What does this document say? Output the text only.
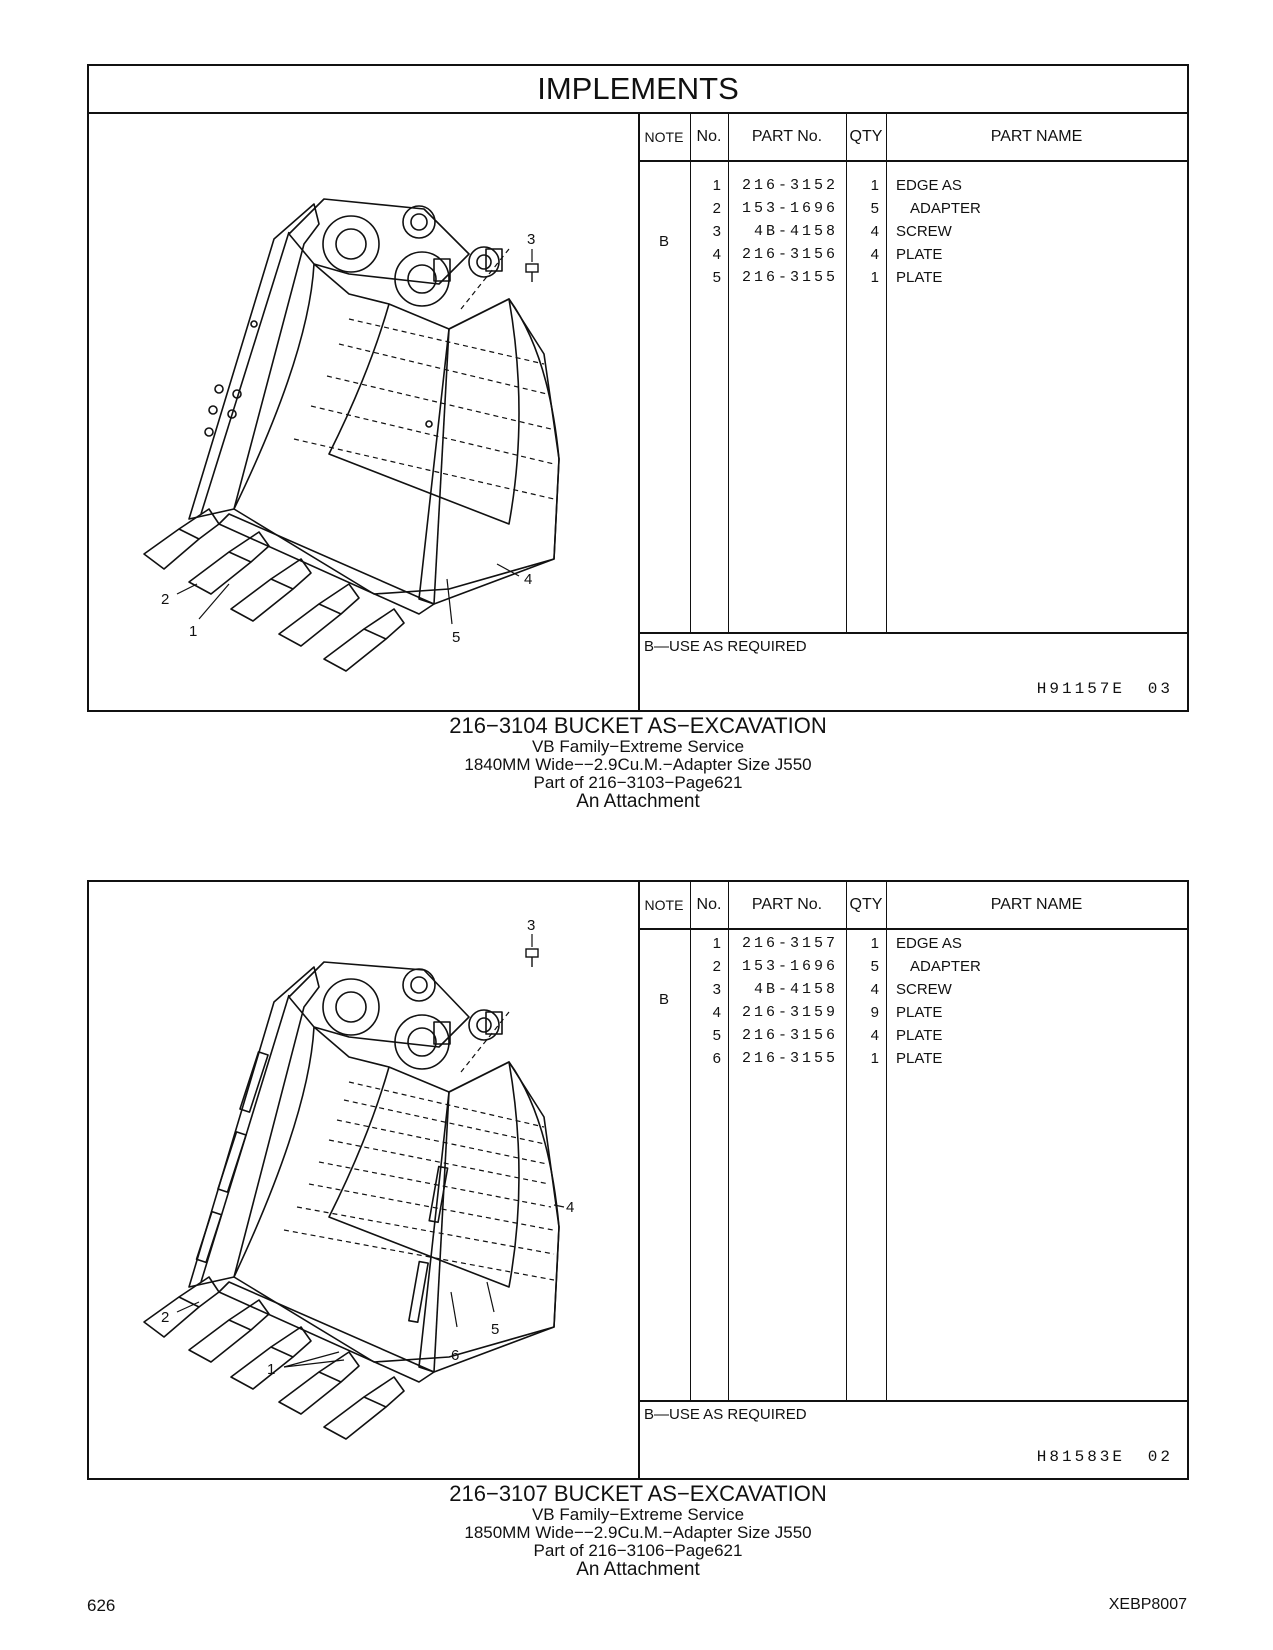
IMPLEMENTS
3
2
1
4
5
NOTE No.	PART No.	QTY	PART NAME
B
1	216-3152	1 EDGE AS
2	153-1696	5 ADAPTER
3	4B-4158	4 SCREW
4	216-3156	4 PLATE
5	216-3155	1 PLATE
B—USE AS REQUIRED
H91157E 03
216−3104 BUCKET AS−EXCAVATION
VB Family−Extreme Service
1840MM Wide−−2.9Cu.M.−Adapter Size J550
Part of 216−3103−Page621
An Attachment
3
4
2
5
6
1
NOTE No.	PART No.	QTY	PART NAME
B
1	216-3157	1 EDGE AS
2	153-1696	5 ADAPTER
3	4B-4158	4 SCREW
4	216-3159	9 PLATE
5	216-3156	4 PLATE
6	216-3155	1 PLATE
B—USE AS REQUIRED
H81583E 02
216−3107 BUCKET AS−EXCAVATION
VB Family−Extreme Service
1850MM Wide−−2.9Cu.M.−Adapter Size J550
Part of 216−3106−Page621
An Attachment
626	XEBP8007
